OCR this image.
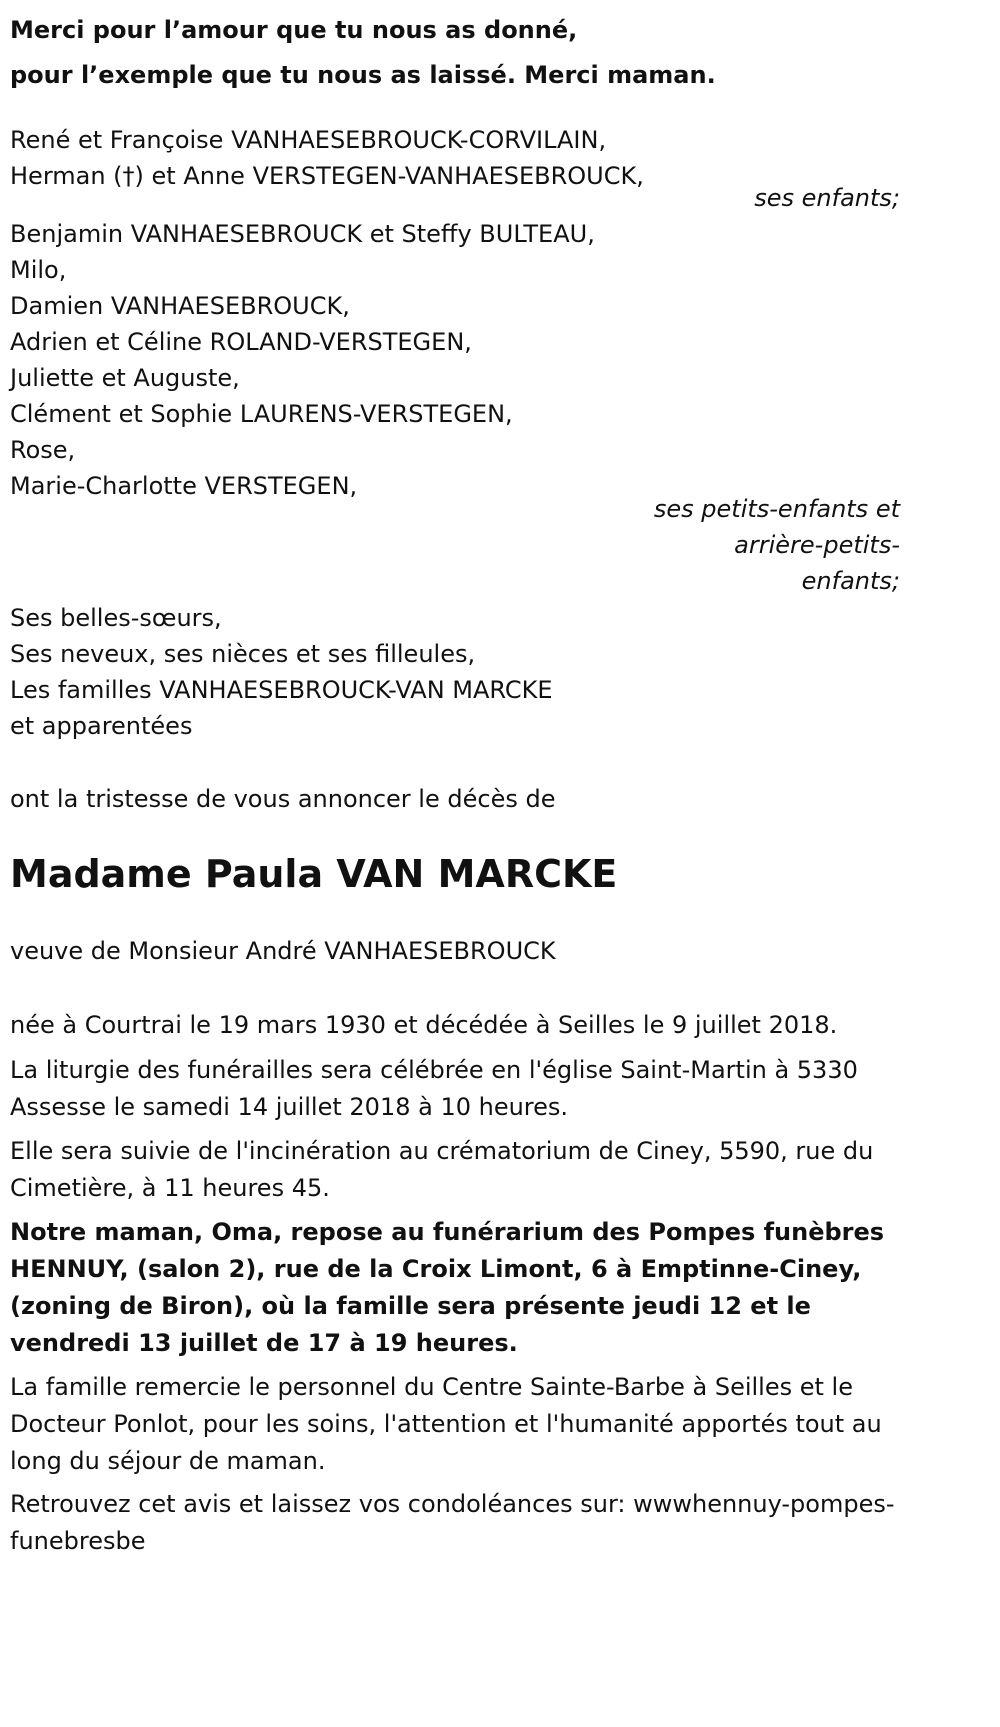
Merci pour l’amour que tu nous as donné,
pour l’exemple que tu nous as laissé. Merci maman.
René et Françoise VANHAESEBROUCK-CORVILAIN,
Herman (†) et Anne VERSTEGEN-VANHAESEBROUCK,
ses enfants;
Benjamin VANHAESEBROUCK et Steffy BULTEAU,
Milo,
Damien VANHAESEBROUCK,
Adrien et Céline ROLAND-VERSTEGEN,
Juliette et Auguste,
Clément et Sophie LAURENS-VERSTEGEN,
Rose,
Marie-Charlotte VERSTEGEN,
ses petits-enfants et arrière-petits-enfants;
Ses belles-sœurs,
Ses neveux, ses nièces et ses filleules,
Les familles VANHAESEBROUCK-VAN MARCKE
et apparentées
ont la tristesse de vous annoncer le décès de
Madame Paula VAN MARCKE
veuve de Monsieur André VANHAESEBROUCK
née à Courtrai le 19 mars 1930 et décédée à Seilles le 9 juillet 2018.
La liturgie des funérailles sera célébrée en l'église Saint-Martin à 5330 Assesse le samedi 14 juillet 2018 à 10 heures.
Elle sera suivie de l'incinération au crématorium de Ciney, 5590, rue du Cimetière, à 11 heures 45.
Notre maman, Oma, repose au funérarium des Pompes funèbres HENNUY, (salon 2), rue de la Croix Limont, 6 à Emptinne-Ciney, (zoning de Biron), où la famille sera présente jeudi 12 et le vendredi 13 juillet de 17 à 19 heures.
La famille remercie le personnel du Centre Sainte-Barbe à Seilles et le Docteur Ponlot, pour les soins, l'attention et l'humanité apportés tout au long du séjour de maman.
Retrouvez cet avis et laissez vos condoléances sur: wwwhennuy-pompes-funebresbe
